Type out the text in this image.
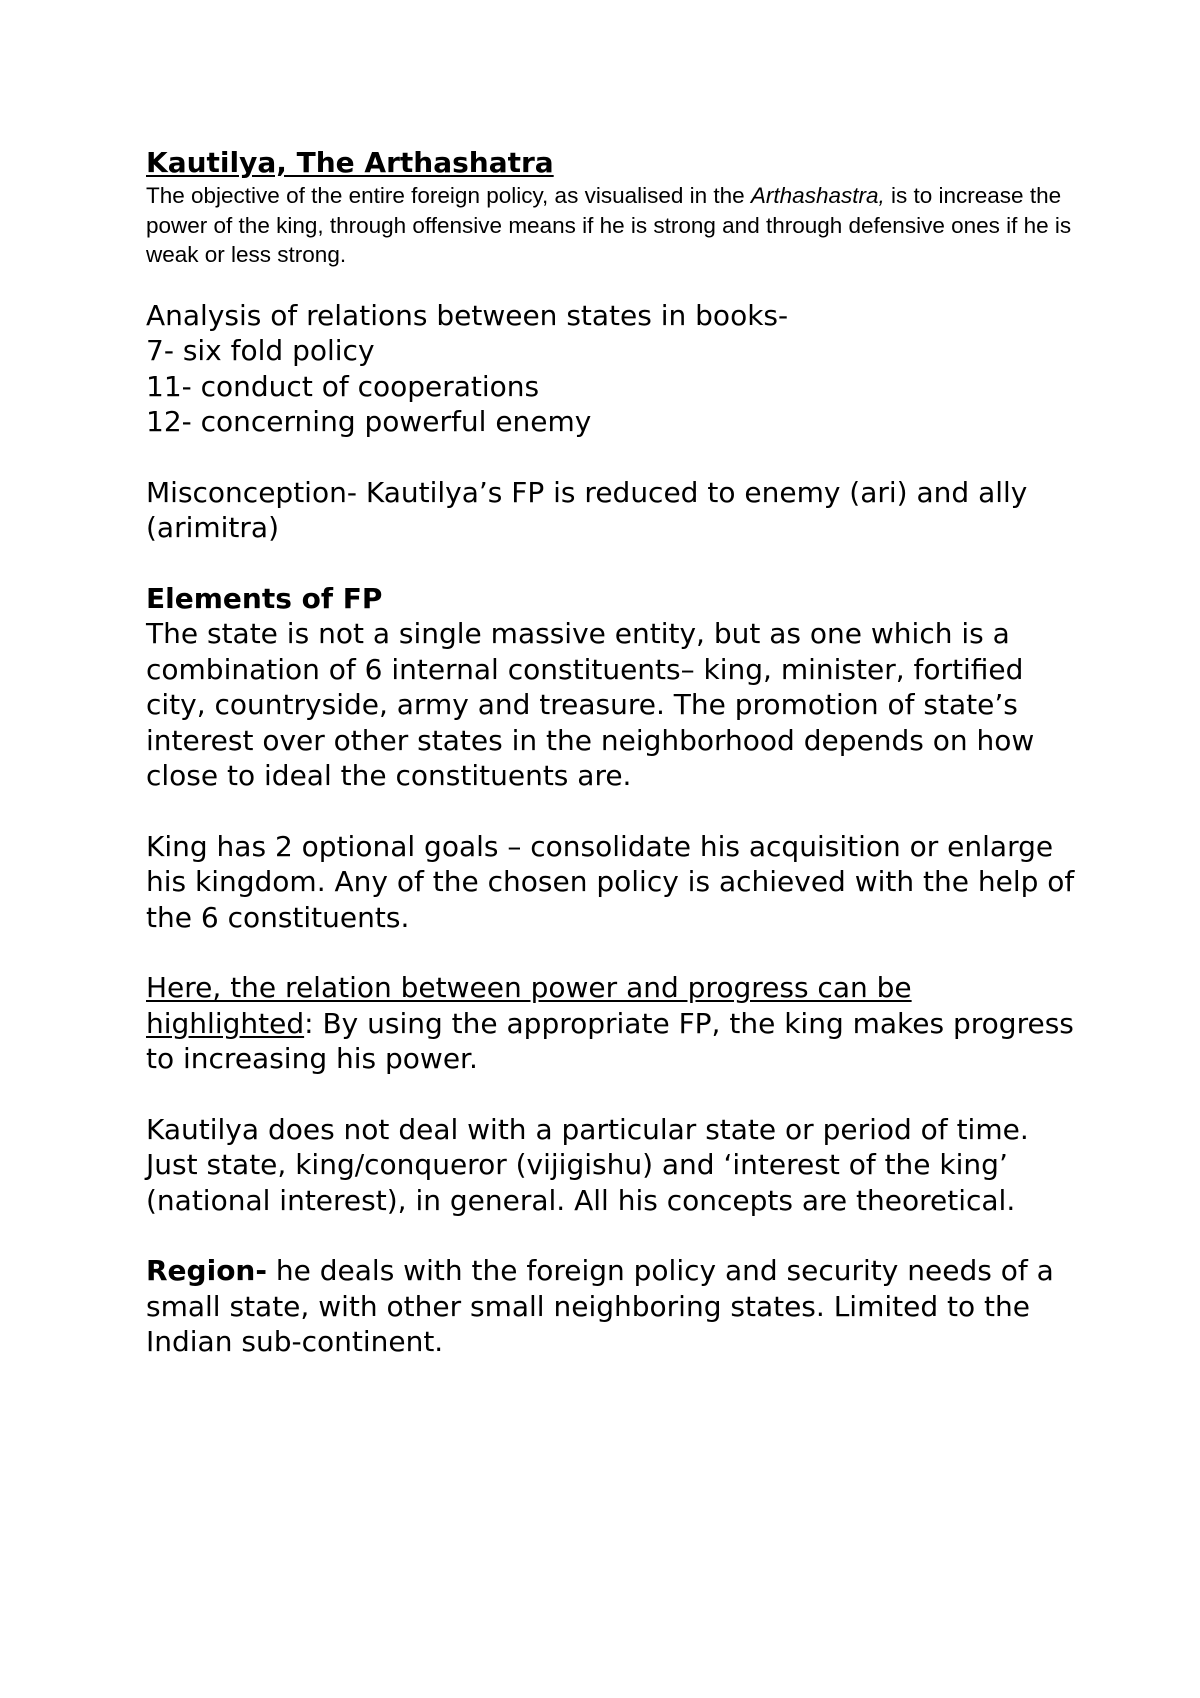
Kautilya, The Arthashatra

The objective of the entire foreign policy, as visualised in the Arthashastra, is to increase the power of the king, through offensive means if he is strong and through defensive ones if he is weak or less strong.

Analysis of relations between states in books-
7- six fold policy
11- conduct of cooperations
12- concerning powerful enemy

Misconception- Kautilya’s FP is reduced to enemy (ari) and ally (arimitra)

Elements of FP

The state is not a single massive entity, but as one which is a combination of 6 internal constituents– king, minister, fortified city, countryside, army and treasure. The promotion of state’s interest over other states in the neighborhood depends on how close to ideal the constituents are.

King has 2 optional goals – consolidate his acquisition or enlarge his kingdom. Any of the chosen policy is achieved with the help of the 6 constituents.

Here, the relation between power and progress can be highlighted: By using the appropriate FP, the king makes progress to increasing his power.

Kautilya does not deal with a particular state or period of time. Just state, king/conqueror (vijigishu) and ‘interest of the king’ (national interest), in general. All his concepts are theoretical.

Region- he deals with the foreign policy and security needs of a small state, with other small neighboring states. Limited to the Indian sub-continent.
